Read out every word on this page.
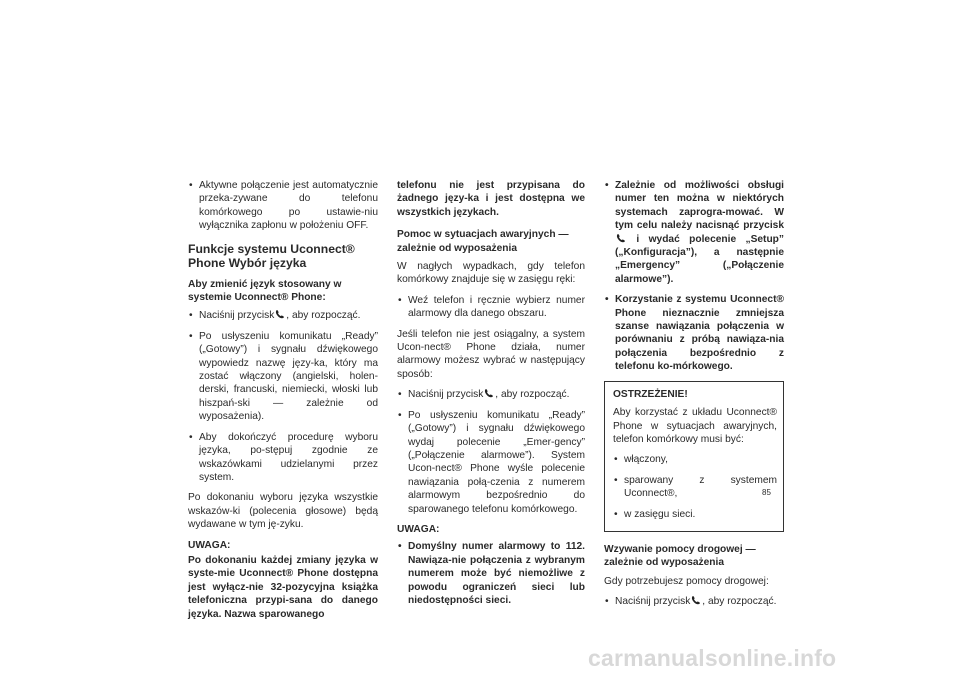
• Aktywne połączenie jest automatycznie przeka-zywane do telefonu komórkowego po ustawie-niu wyłącznika zapłonu w położeniu OFF.
Funkcje systemu Uconnect® Phone Wybór języka
Aby zmienić język stosowany w systemie Uconnect® Phone:
• Naciśnij przycisk , aby rozpocząć.
• Po usłyszeniu komunikatu „Ready” („Gotowy”) i sygnału dźwiękowego wypowiedz nazwę języ-ka, który ma zostać włączony (angielski, holen-derski, francuski, niemiecki, włoski lub hiszpań-ski — zależnie od wyposażenia).
• Aby dokończyć procedurę wyboru języka, po-stępuj zgodnie ze wskazówkami udzielanymi przez system.

Po dokonaniu wyboru języka wszystkie wskazów-ki (polecenia głosowe) będą wydawane w tym ję-zyku.

UWAGA:

Po dokonaniu każdej zmiany języka w syste-mie Uconnect® Phone dostępna jest wyłącz-nie 32-pozycyjna książka telefoniczna przypi-sana do danego języka. Nazwa sparowanego

telefonu nie jest przypisana do żadnego języ-ka i jest dostępna we wszystkich językach.

Pomoc w sytuacjach awaryjnych — zależnie od wyposażenia

W nagłych wypadkach, gdy telefon komórkowy znajduje się w zasięgu ręki:

• Weź telefon i ręcznie wybierz numer alarmowy dla danego obszaru.

Jeśli telefon nie jest osiągalny, a system Ucon-nect® Phone działa, numer alarmowy możesz wybrać w następujący sposób:

• Naciśnij przycisk , aby rozpocząć.
• Po usłyszeniu komunikatu „Ready” („Gotowy”) i sygnału dźwiękowego wydaj polecenie „Emer-gency” („Połączenie alarmowe”). System Ucon-nect® Phone wyśle polecenie nawiązania połą-czenia z numerem alarmowym bezpośrednio do sparowanego telefonu komórkowego.

UWAGA:

• Domyślny numer alarmowy to 112. Nawiąza-nie połączenia z wybranym numerem może być niemożliwe z powodu ograniczeń sieci lub niedostępności sieci.
• Zależnie od możliwości obsługi numer ten można w niektórych systemach zaprogra-mować. W tym celu należy nacisnąć przycisk  i wydać polecenie „Setup” („Konfiguracja”), a następnie „Emergency” („Połączenie alarmowe”).
• Korzystanie z systemu Uconnect® Phone nieznacznie zmniejsza szanse nawiązania połączenia w porównaniu z próbą nawiąza-nia połączenia bezpośrednio z telefonu ko-mórkowego.

OSTRZEŻENIE!

Aby korzystać z układu Uconnect® Phone w sytuacjach awaryjnych, telefon komórkowy musi być:

• włączony,
• sparowany z systemem Uconnect®,
• w zasięgu sieci.
Wzywanie pomocy drogowej — zależnie od wyposażenia

Gdy potrzebujesz pomocy drogowej:

• Naciśnij przycisk , aby rozpocząć.
85
carmanualsonline.info
